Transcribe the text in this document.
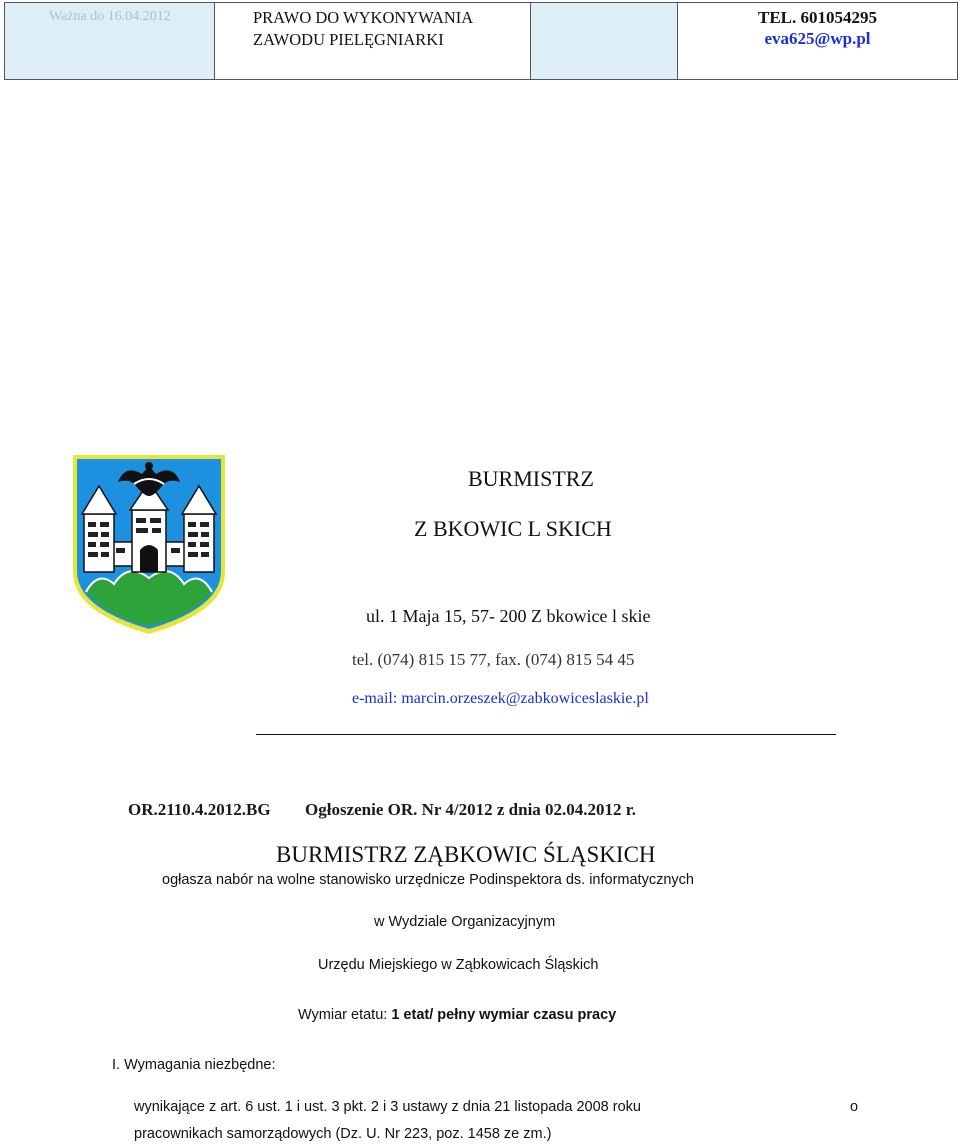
Ważna do 16.04.2012	PRAWO DO WYKONYWANIA
ZAWODU PIELĘGNIARKI
TEL. 601054295
eva625@wp.pl
BURMISTRZ
Z BKOWIC L SKICH
ul. 1 Maja 15, 57- 200 Z bkowice l skie
tel. (074) 815 15 77, fax. (074) 815 54 45
e-mail: marcin.orzeszek@zabkowiceslaskie.pl
OR.2110.4.2012.BG Ogłoszenie OR. Nr 4/2012 z dnia 02.04.2012 r.
BURMISTRZ ZĄBKOWIC ŚLĄSKICH
ogłasza nabór na wolne stanowisko urzędnicze Podinspektora ds. informatycznych
w Wydziale Organizacyjnym
Urzędu Miejskiego w Ząbkowicach Śląskich
Wymiar etatu: 1 etat/ pełny wymiar czasu pracy
I. Wymagania niezbędne:
wynikające z art. 6 ust. 1 i ust. 3 pkt. 2 i 3 ustawy z dnia 21 listopada 2008 roku	o
pracownikach samorządowych (Dz. U. Nr 223, poz. 1458 ze zm.)
